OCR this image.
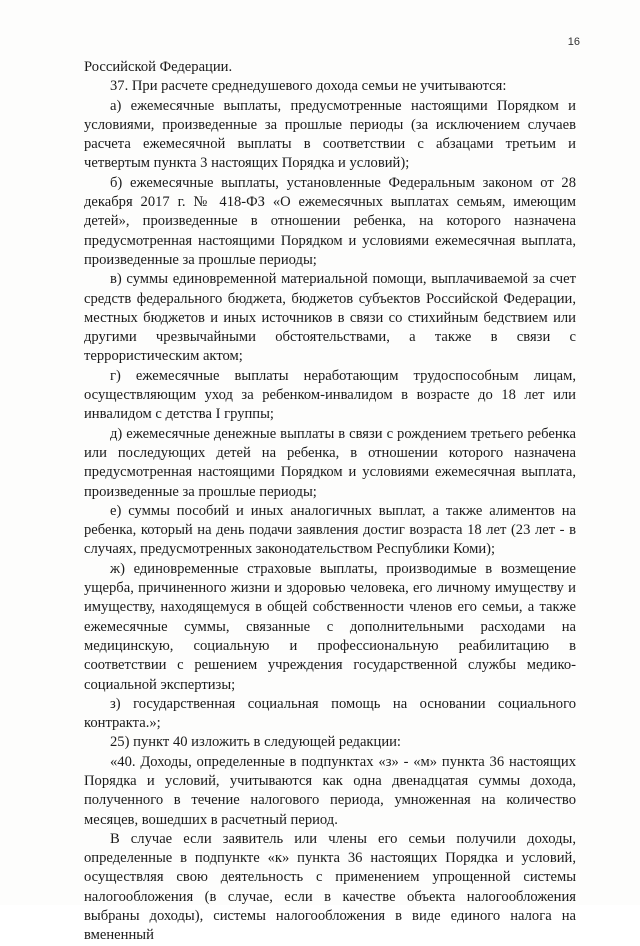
16

Российской Федерации.

37. При расчете среднедушевого дохода семьи не учитываются:

а) ежемесячные выплаты, предусмотренные настоящими Порядком и условиями, произведенные за прошлые периоды (за исключением случаев расчета ежемесячной выплаты в соответствии с абзацами третьим и четвертым пункта 3 настоящих Порядка и условий);

б) ежемесячные выплаты, установленные Федеральным законом от 28 декабря 2017 г. № 418-ФЗ «О ежемесячных выплатах семьям, имеющим детей», произведенные в отношении ребенка, на которого назначена предусмотренная настоящими Порядком и условиями ежемесячная выплата, произведенные за прошлые периоды;

в) суммы единовременной материальной помощи, выплачиваемой за счет средств федерального бюджета, бюджетов субъектов Российской Федерации, местных бюджетов и иных источников в связи со стихийным бедствием или другими чрезвычайными обстоятельствами, а также в связи с террористическим актом;

г) ежемесячные выплаты неработающим трудоспособным лицам, осуществляющим уход за ребенком-инвалидом в возрасте до 18 лет или инвалидом с детства I группы;

д) ежемесячные денежные выплаты в связи с рождением третьего ребенка или последующих детей на ребенка, в отношении которого назначена предусмотренная настоящими Порядком и условиями ежемесячная выплата, произведенные за прошлые периоды;

е) суммы пособий и иных аналогичных выплат, а также алиментов на ребенка, который на день подачи заявления достиг возраста 18 лет (23 лет - в случаях, предусмотренных законодательством Республики Коми);

ж) единовременные страховые выплаты, производимые в возмещение ущерба, причиненного жизни и здоровью человека, его личному имуществу и имуществу, находящемуся в общей собственности членов его семьи, а также ежемесячные суммы, связанные с дополнительными расходами на медицинскую, социальную и профессиональную реабилитацию в соответствии с решением учреждения государственной службы медико-социальной экспертизы;

з) государственная социальная помощь на основании социального контракта.»;

25) пункт 40 изложить в следующей редакции:

«40. Доходы, определенные в подпунктах «з» - «м» пункта 36 настоящих Порядка и условий, учитываются как одна двенадцатая суммы дохода, полученного в течение налогового периода, умноженная на количество месяцев, вошедших в расчетный период.

В случае если заявитель или члены его семьи получили доходы, определенные в подпункте «к» пункта 36 настоящих Порядка и условий, осуществляя свою деятельность с применением упрощенной системы налогообложения (в случае, если в качестве объекта налогообложения выбраны доходы), системы налогообложения в виде единого налога на вмененный
